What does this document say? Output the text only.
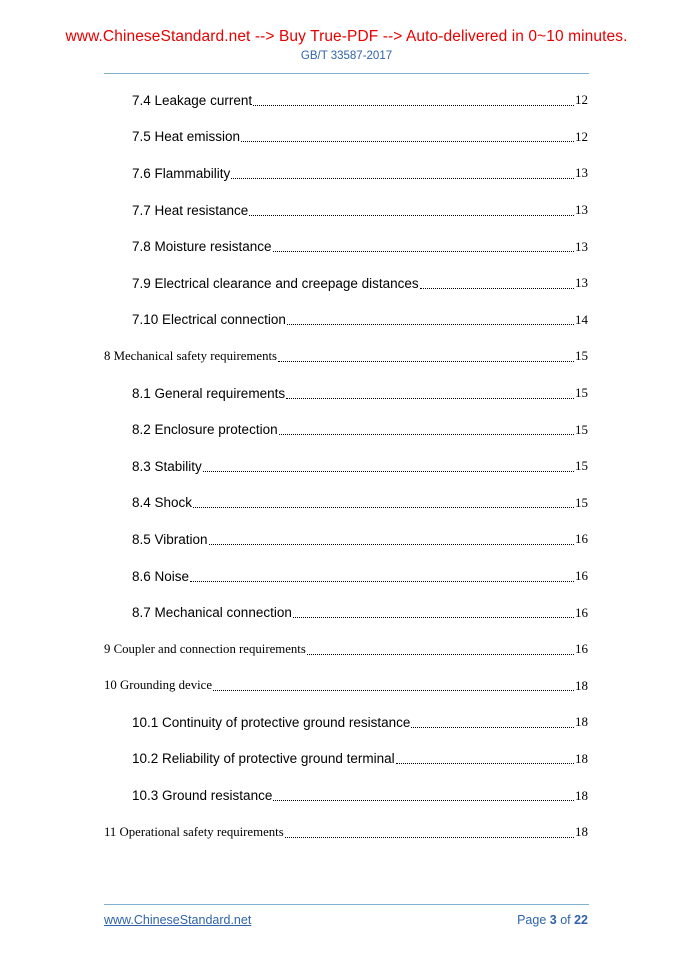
www.ChineseStandard.net --> Buy True-PDF --> Auto-delivered in 0~10 minutes.
GB/T 33587-2017
7.4 Leakage current	12
7.5 Heat emission	12
7.6 Flammability	13
7.7 Heat resistance	13
7.8 Moisture resistance	13
7.9 Electrical clearance and creepage distances	13
7.10 Electrical connection	14
8 Mechanical safety requirements	15
8.1 General requirements	15
8.2 Enclosure protection	15
8.3 Stability	15
8.4 Shock	15
8.5 Vibration	16
8.6 Noise	16
8.7 Mechanical connection	16
9 Coupler and connection requirements	16
10 Grounding device	18
10.1 Continuity of protective ground resistance	18
10.2 Reliability of protective ground terminal	18
10.3 Ground resistance	18
11 Operational safety requirements	18
www.ChineseStandard.net	Page 3 of 22
